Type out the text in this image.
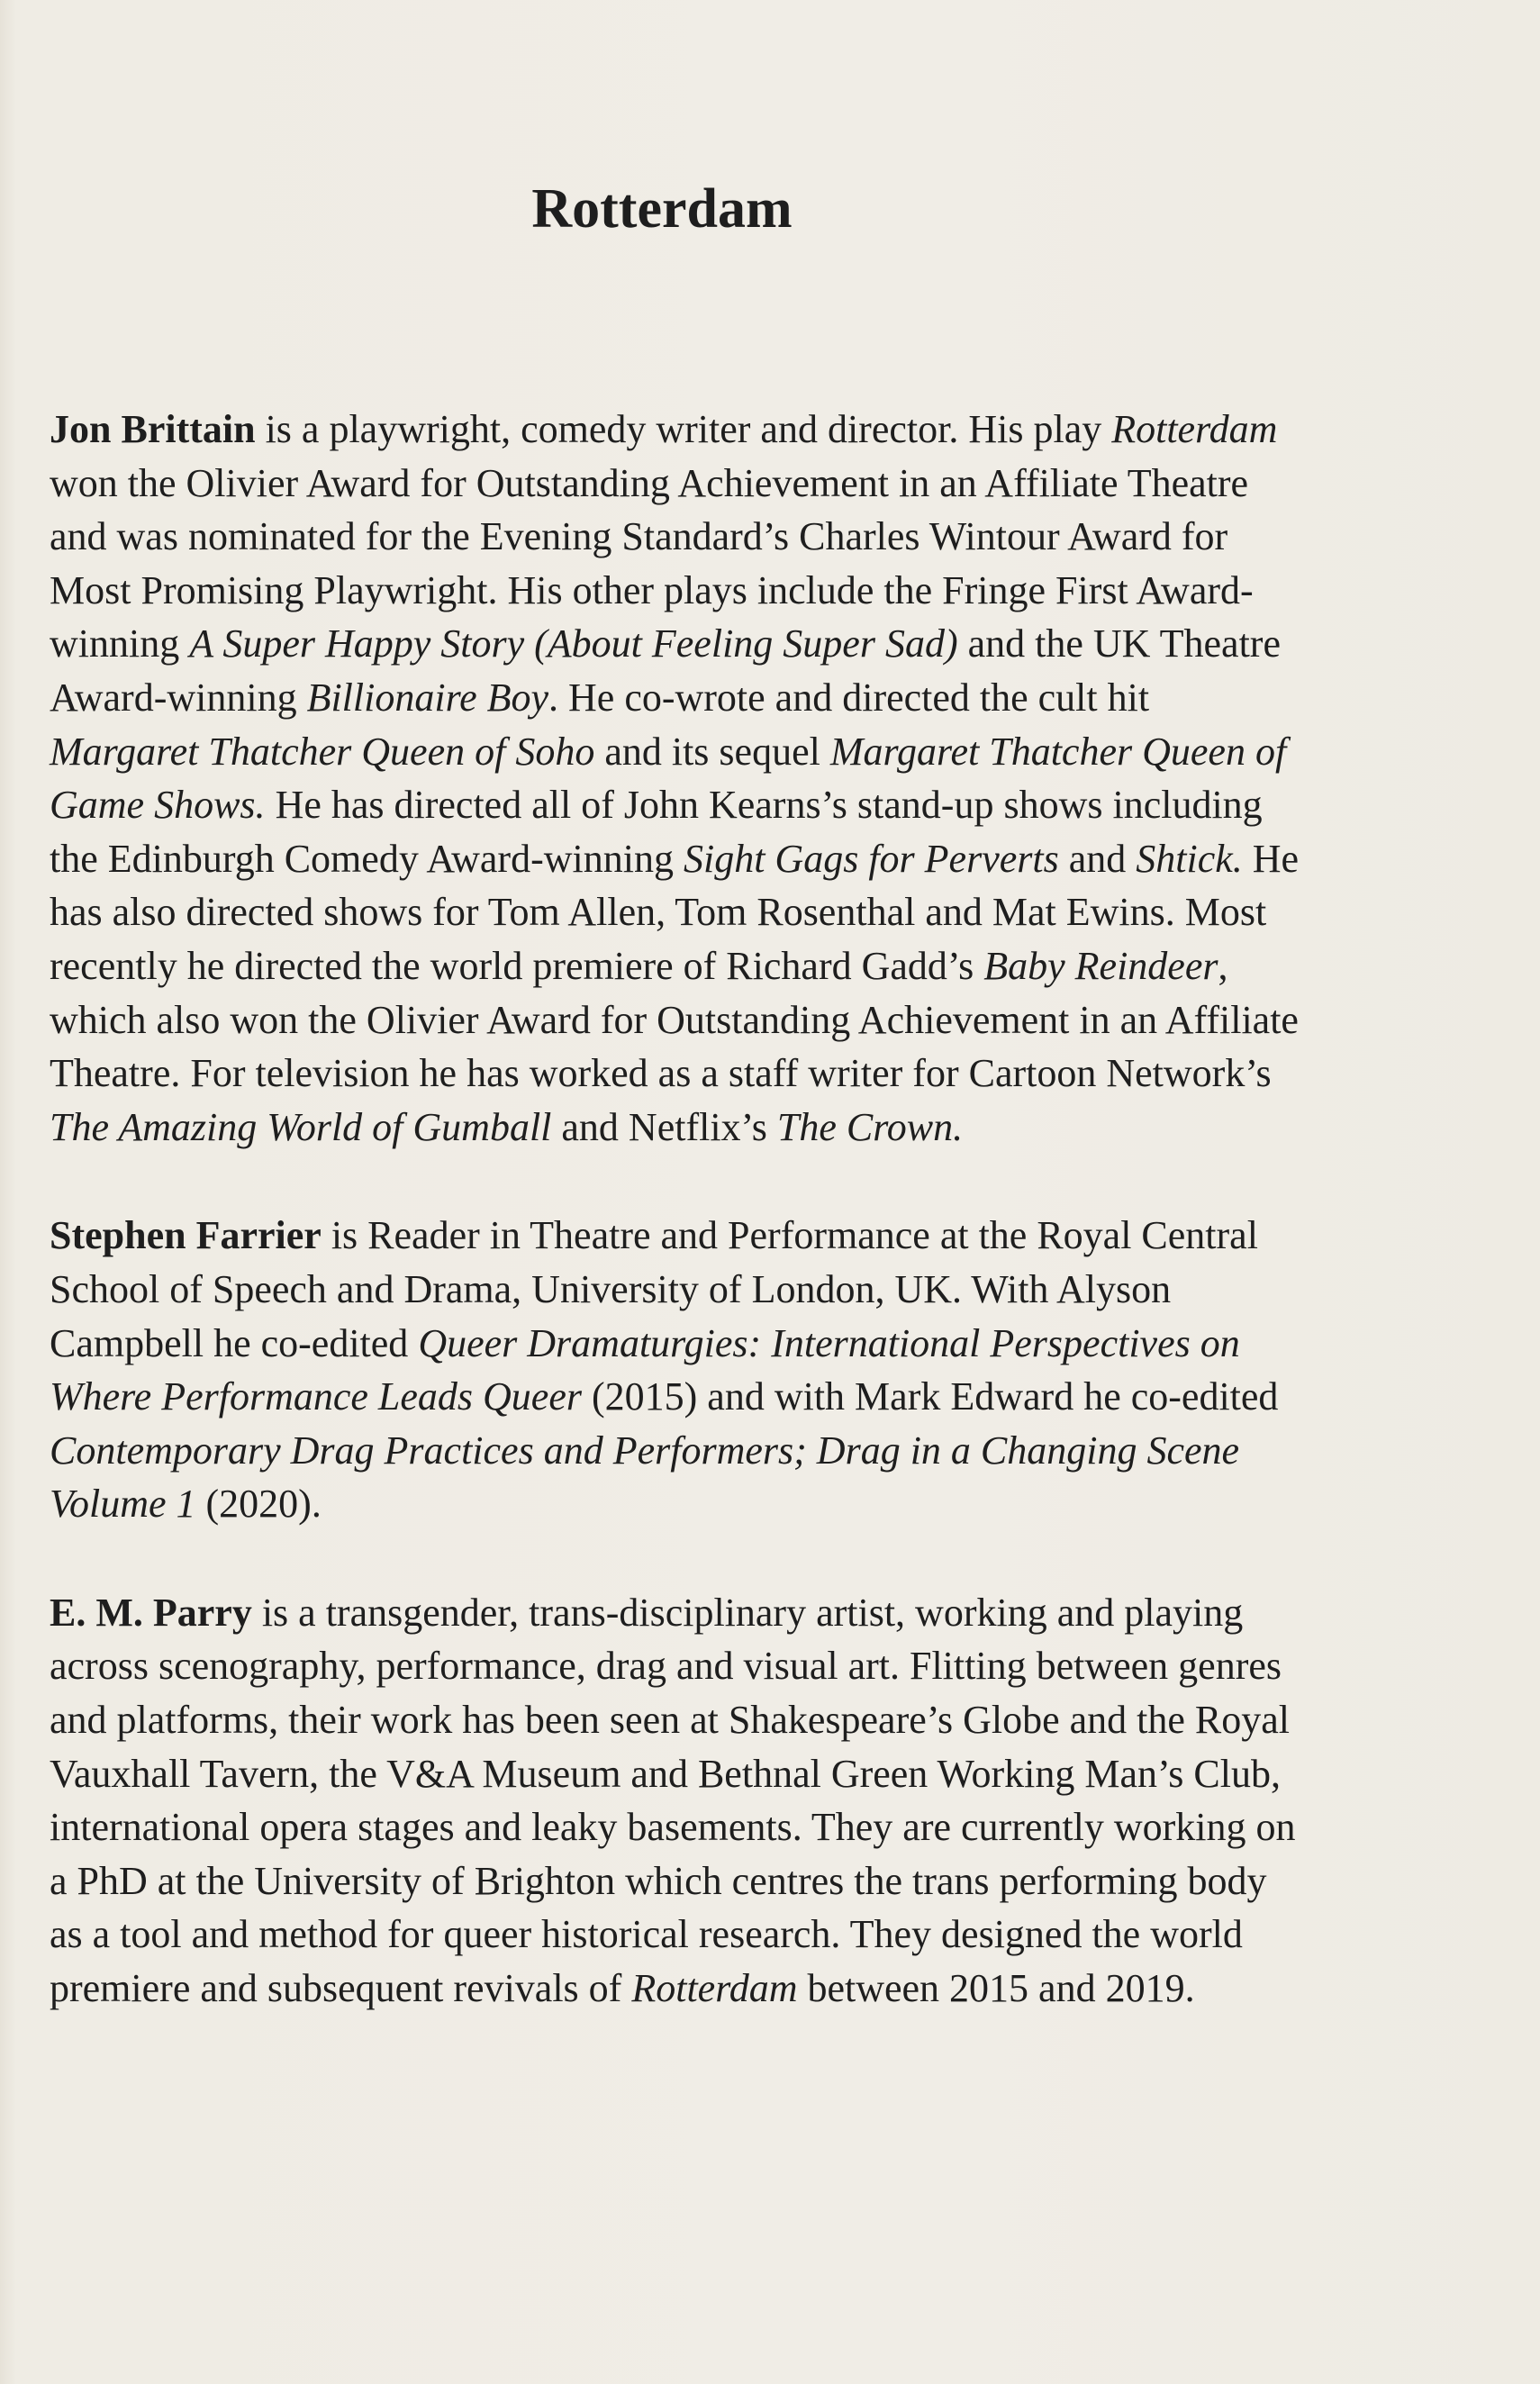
Rotterdam

Jon Brittain is a playwright, comedy writer and director. His play Rotterdam won the Olivier Award for Outstanding Achievement in an Affiliate Theatre and was nominated for the Evening Standard’s Charles Wintour Award for Most Promising Playwright. His other plays include the Fringe First Award-winning A Super Happy Story (About Feeling Super Sad) and the UK Theatre Award-winning Billionaire Boy. He co-wrote and directed the cult hit Margaret Thatcher Queen of Soho and its sequel Margaret Thatcher Queen of Game Shows. He has directed all of John Kearns’s stand-up shows including the Edinburgh Comedy Award-winning Sight Gags for Perverts and Shtick. He has also directed shows for Tom Allen, Tom Rosenthal and Mat Ewins. Most recently he directed the world premiere of Richard Gadd’s Baby Reindeer, which also won the Olivier Award for Outstanding Achievement in an Affiliate Theatre. For television he has worked as a staff writer for Cartoon Network’s The Amazing World of Gumball and Netflix’s The Crown.

Stephen Farrier is Reader in Theatre and Performance at the Royal Central School of Speech and Drama, University of London, UK. With Alyson Campbell he co-edited Queer Dramaturgies: International Perspectives on Where Performance Leads Queer (2015) and with Mark Edward he co-edited Contemporary Drag Practices and Performers; Drag in a Changing Scene Volume 1 (2020).

E. M. Parry is a transgender, trans-disciplinary artist, working and playing across scenography, performance, drag and visual art. Flitting between genres and platforms, their work has been seen at Shakespeare’s Globe and the Royal Vauxhall Tavern, the V&A Museum and Bethnal Green Working Man’s Club, international opera stages and leaky basements. They are currently working on a PhD at the University of Brighton which centres the trans performing body as a tool and method for queer historical research. They designed the world premiere and subsequent revivals of Rotterdam between 2015 and 2019.
